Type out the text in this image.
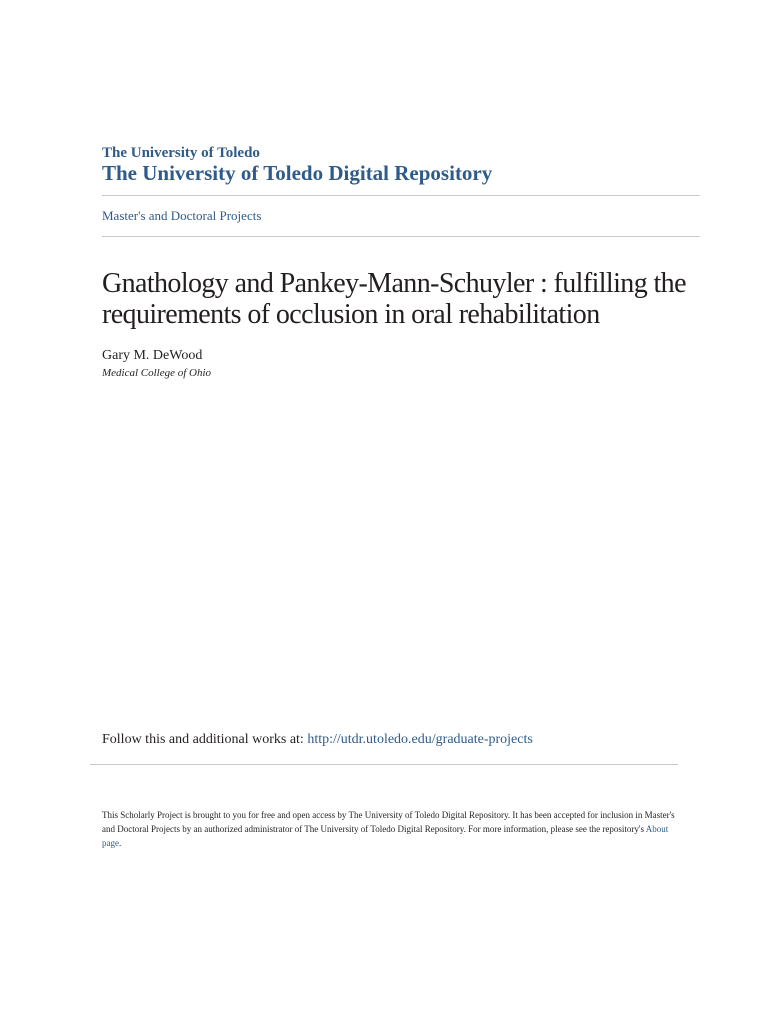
The University of Toledo
The University of Toledo Digital Repository
Master's and Doctoral Projects
Gnathology and Pankey-Mann-Schuyler : fulfilling the requirements of occlusion in oral rehabilitation
Gary M. DeWood
Medical College of Ohio
Follow this and additional works at: http://utdr.utoledo.edu/graduate-projects
This Scholarly Project is brought to you for free and open access by The University of Toledo Digital Repository. It has been accepted for inclusion in Master's and Doctoral Projects by an authorized administrator of The University of Toledo Digital Repository. For more information, please see the repository's About page.
